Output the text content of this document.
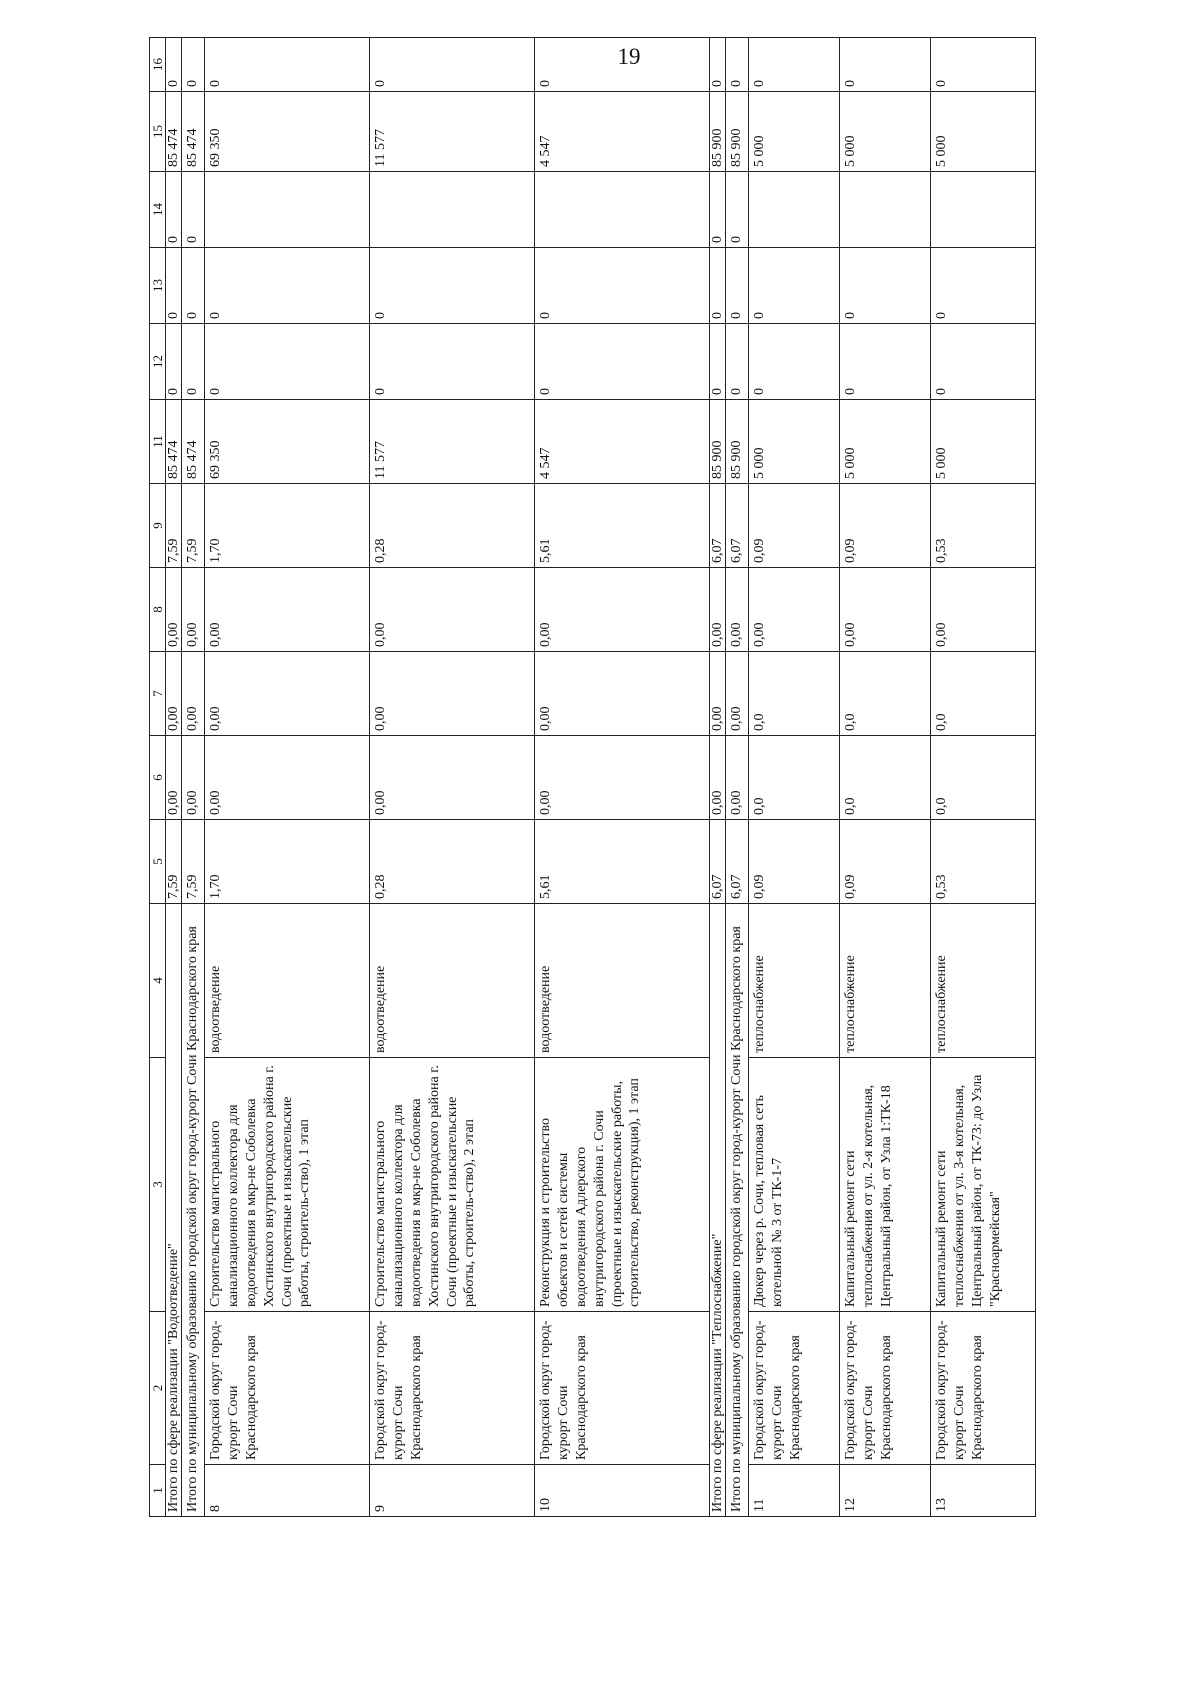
19
1	2	3	4	5	6	7	8	9	11	12	13	14	15	16
Итого по сфере реализации "Водоотведение"				7,59	0,00	0,00	0,00	7,59	85 474	0	0	0	85 474	0
Итого по муниципальному образованию городской округ город-курорт Сочи Краснодарского края				7,59	0,00	0,00	0,00	7,59	85 474	0	0	0	85 474	0
8	Городской округ город-курорт Сочи Краснодарского края	Строительство магистрального канализационного коллектора для водоотведения в мкр-не Соболевка Хостинского внутригородского района г. Сочи (проектные и изыскательские работы, строитель-ство), 1 этап	водоотведение	1,70	0,00	0,00	0,00	1,70	69 350	0	0		69 350	0
9	Городской округ город-курорт Сочи Краснодарского края	Строительство магистрального канализационного коллектора для водоотведения в мкр-не Соболевка Хостинского внутригородского района г. Сочи (проектные и изыскательские работы, строитель-ство), 2 этап	водоотведение	0,28	0,00	0,00	0,00	0,28	11 577	0	0		11 577	0
10	Городской округ город-курорт Сочи Краснодарского края	Реконструкция и строительство объектов и сетей системы водоотведения Адлерского внутригородского района г. Сочи (проектные и изыскательские работы, строительство, реконструкция), 1 этап	водоотведение	5,61	0,00	0,00	0,00	5,61	4 547	0	0		4 547	0
Итого по сфере реализации "Теплоснабжение"				6,07	0,00	0,00	0,00	6,07	85 900	0	0	0	85 900	0
Итого по муниципальному образованию городской округ город-курорт Сочи Краснодарского края				6,07	0,00	0,00	0,00	6,07	85 900	0	0	0	85 900	0
11	Городской округ город-курорт Сочи Краснодарского края	Дюкер через р. Сочи, тепловая сеть котельной № 3 от ТК-1-7	теплоснабжение	0,09	0,0	0,0	0,00	0,09	5 000	0	0		5 000	0
12	Городской округ город-курорт Сочи Краснодарского края	Капитальный ремонт сети теплоснабжения от ул. 2-я котельная, Центральный район, от Узла 1:ТК-18	теплоснабжение	0,09	0,0	0,0	0,00	0,09	5 000	0	0		5 000	0
13	Городской округ город-курорт Сочи Краснодарского края	Капитальный ремонт сети теплоснабжения от ул. 3-я котельная, Центральный район, от ТК-73: до Узла "Красноармейская"	теплоснабжение	0,53	0,0	0,0	0,00	0,53	5 000	0	0		5 000	0
